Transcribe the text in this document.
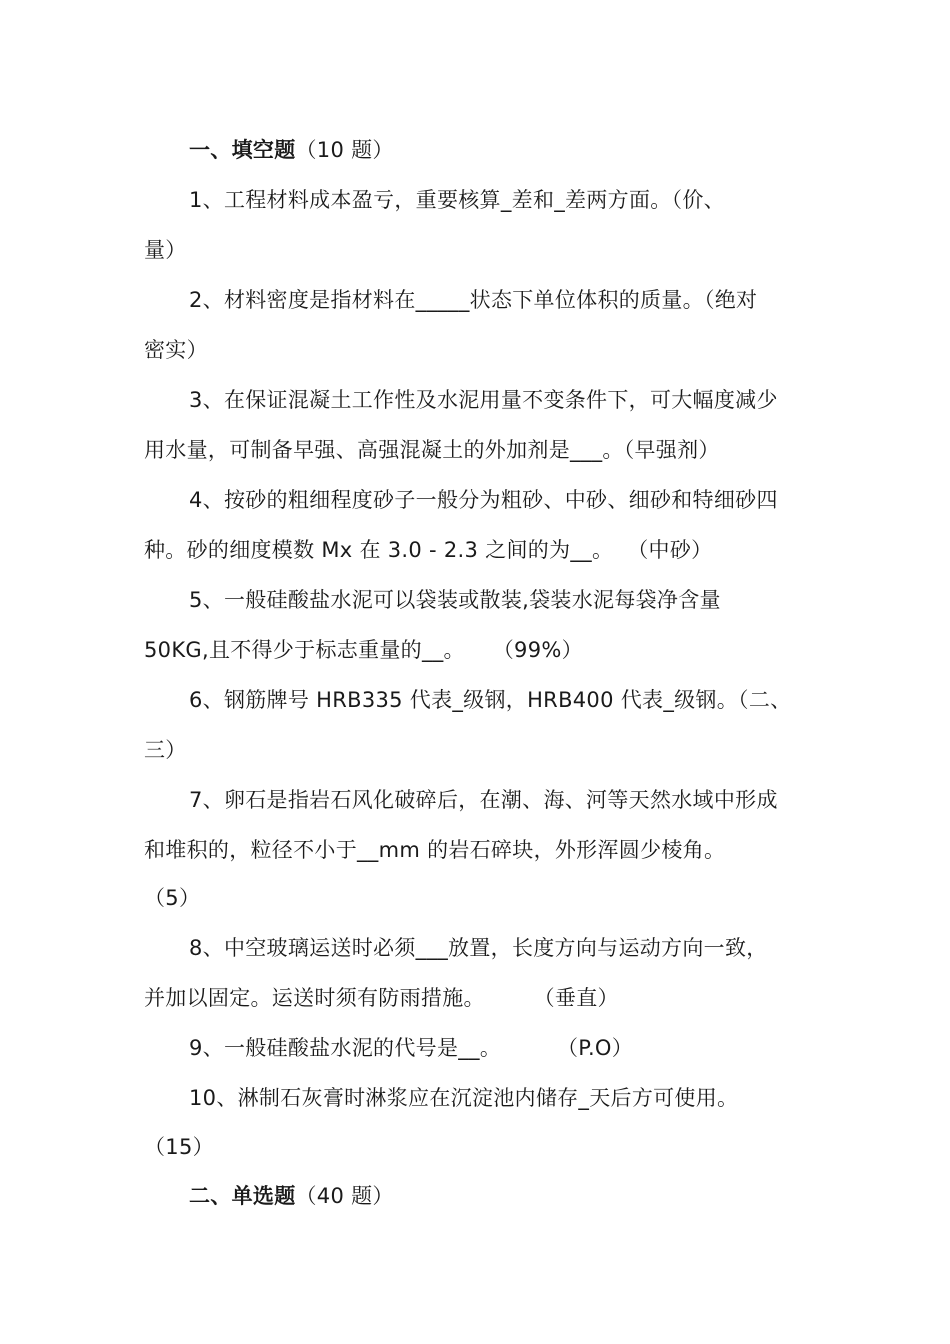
一、填空题（10 题）
1、工程材料成本盈亏，重要核算_差和_差两方面。（价、
量）
2、材料密度是指材料在_____状态下单位体积的质量。（绝对
密实）
3、在保证混凝土工作性及水泥用量不变条件下，可大幅度减少
用水量，可制备早强、高强混凝土的外加剂是___。（早强剂）
4、按砂的粗细程度砂子一般分为粗砂、中砂、细砂和特细砂四
种。砂的细度模数 Mx 在 3.0 - 2.3 之间的为__。  （中砂）
5、一般硅酸盐水泥可以袋装或散装,袋装水泥每袋净含量
50KG,且不得少于标志重量的__。    （99%）
6、钢筋牌号 HRB335 代表_级钢，HRB400 代表_级钢。（二、
三）
7、卵石是指岩石风化破碎后，在潮、海、河等天然水域中形成
和堆积的，粒径不小于__mm 的岩石碎块，外形浑圆少棱角。
（5）
8、中空玻璃运送时必须___放置，长度方向与运动方向一致，
并加以固定。运送时须有防雨措施。       （垂直）
9、一般硅酸盐水泥的代号是__。        （P.O）
10、淋制石灰膏时淋浆应在沉淀池内储存_天后方可使用。
（15）
二、单选题（40 题）
